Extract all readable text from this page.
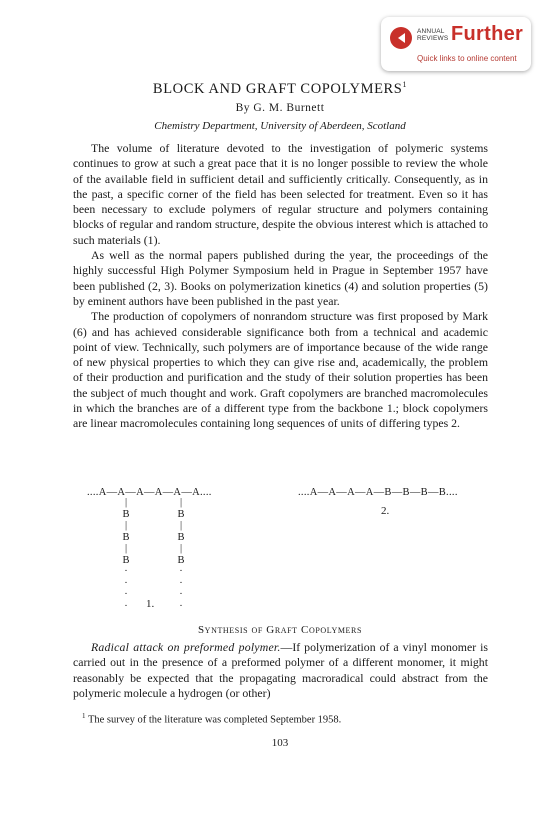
ANNUAL
REVIEWS Further
Quick links to online content
BLOCK AND GRAFT COPOLYMERS$^1$
By G. M. Burnett
Chemistry Department, University of Aberdeen, Scotland

The volume of literature devoted to the investigation of polymeric systems continues to grow at such a great pace that it is no longer possible to review the whole of the available field in sufficient detail and sufficiently critically. Consequently, as in the past, a specific corner of the field has been selected for treatment. Even so it has been necessary to exclude polymers of regular structure and polymers containing blocks of regular and random structure, despite the obvious interest which is attached to such materials (1).

As well as the normal papers published during the year, the proceedings of the highly successful High Polymer Symposium held in Prague in September 1957 have been published (2, 3). Books on polymerization kinetics (4) and solution properties (5) by eminent authors have been published in the past year.

The production of copolymers of nonrandom structure was first proposed by Mark (6) and has achieved considerable significance both from a technical and academic point of view. Technically, such polymers are of importance because of the wide range of new physical properties to which they can give rise and, academically, the problem of their production and purification and the study of their solution properties has been the subject of much thought and work. Graft copolymers are branched macromolecules in which the branches are of a different type from the backbone 1.; block copolymers are linear macromolecules containing long sequences of units of differing types 2.

....A—A—A—A—A—A....
|
B
|
B
|
B
·
·
·
·
|
B
|
B
|
B
·
·
·
·
1.
....A—A—A—A—B—B—B—B....
2.
Synthesis of Graft Copolymers

Radical attack on preformed polymer.—If polymerization of a vinyl monomer is carried out in the presence of a preformed polymer of a different monomer, it might reasonably be expected that the propagating macroradical could abstract from the polymeric molecule a hydrogen (or other)

$^1$ The survey of the literature was completed September 1958.
103
